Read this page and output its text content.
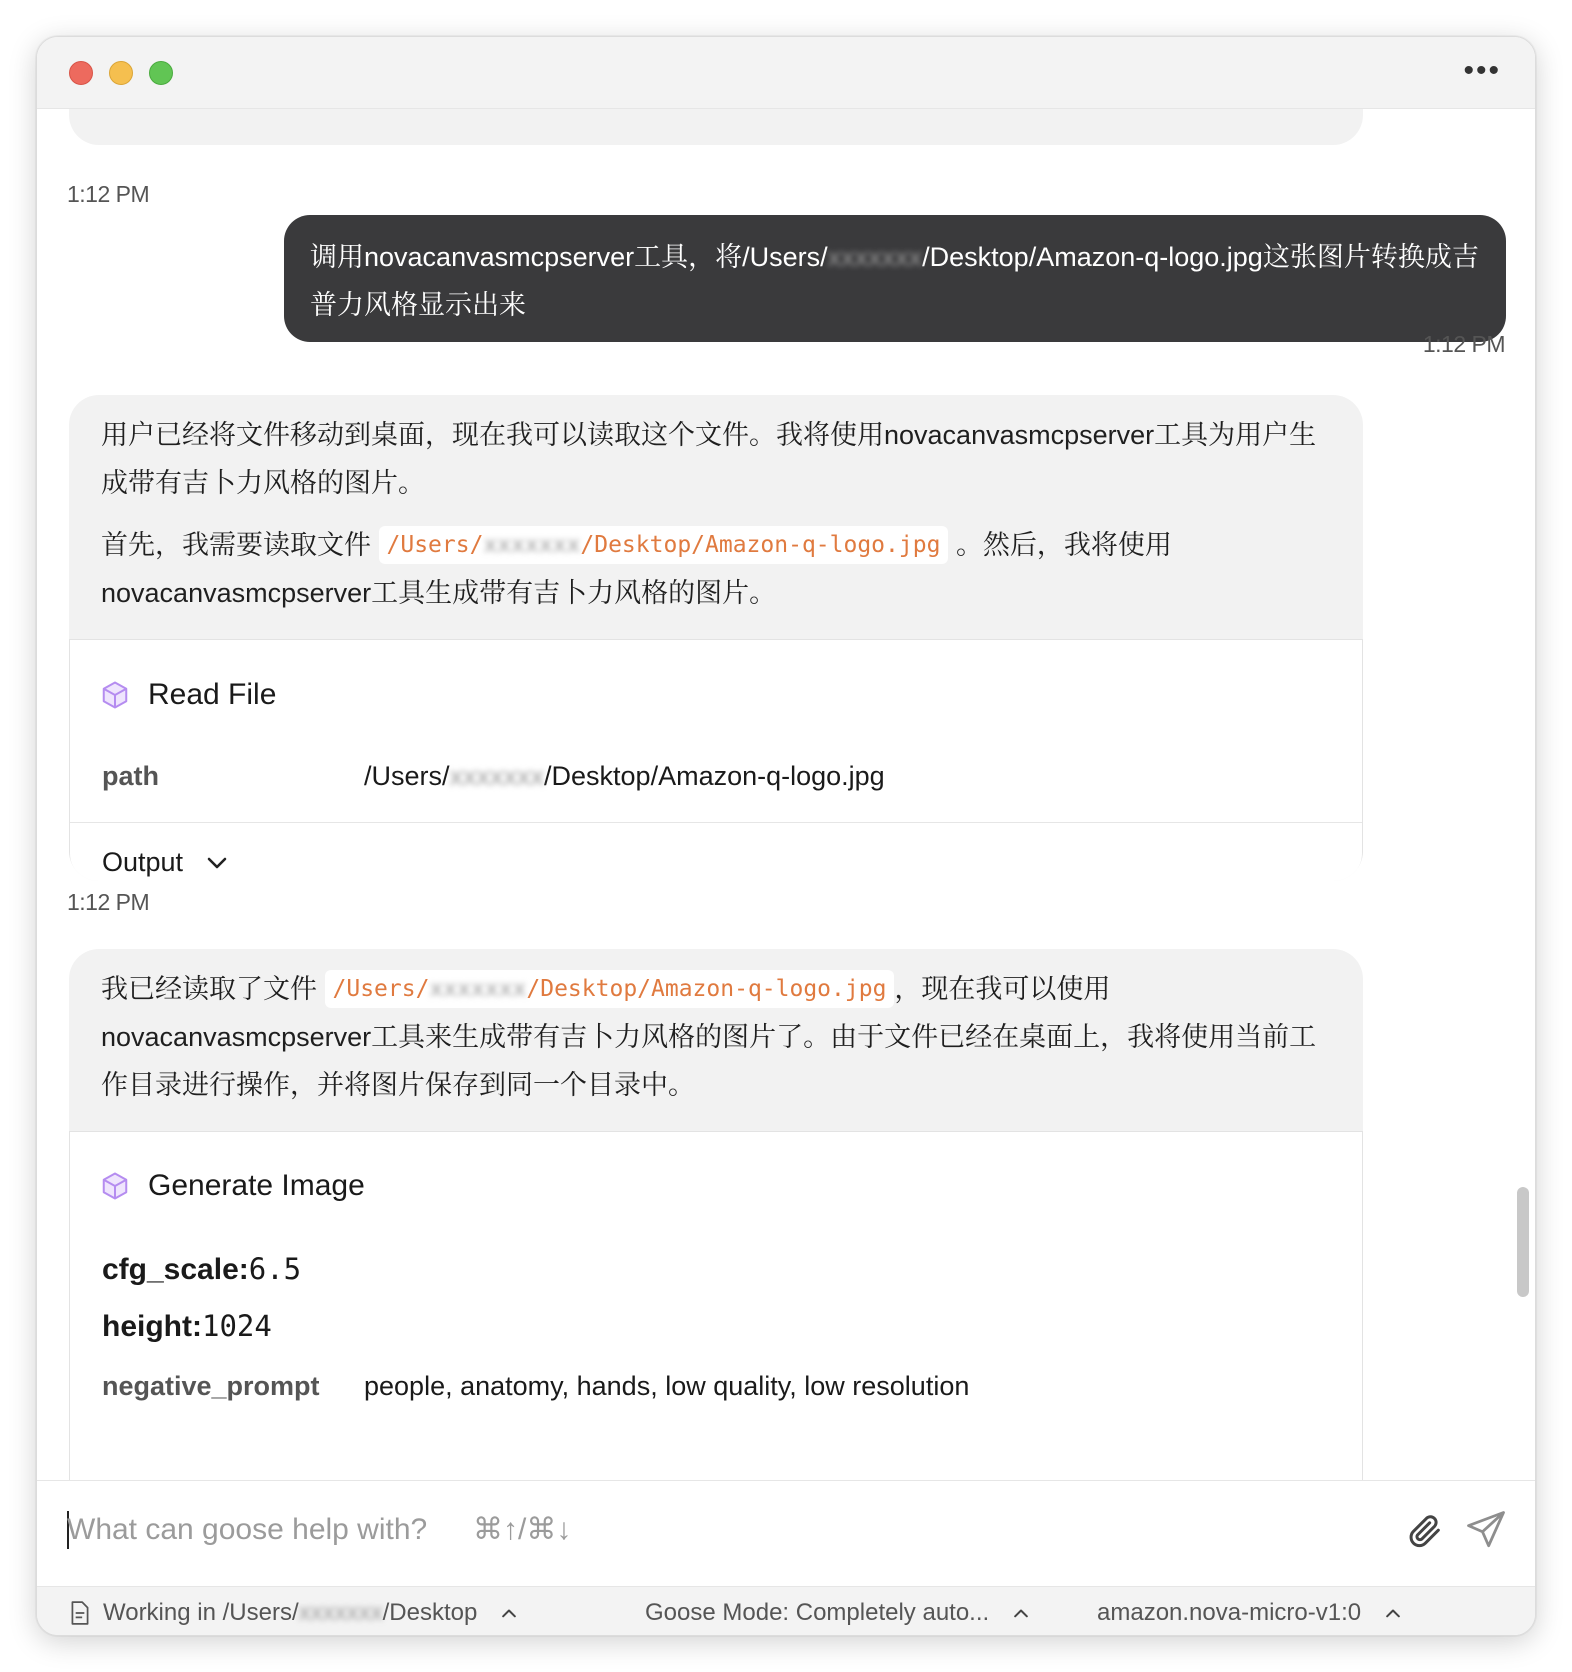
•••
1:12 PM
调用novacanvasmcpserver工具，将/Users/xxxxxxx/Desktop/Amazon-q-logo.jpg这张图片转换成吉普力风格显示出来
1:12 PM

用户已经将文件移动到桌面，现在我可以读取这个文件。我将使用novacanvasmcpserver工具为用户生成带有吉卜力风格的图片。

首先，我需要读取文件 /Users/xxxxxxx/Desktop/Amazon-q-logo.jpg 。然后，我将使用novacanvasmcpserver工具生成带有吉卜力风格的图片。

Read File
path	/Users/xxxxxxx/Desktop/Amazon-q-logo.jpg
Output
1:12 PM

我已经读取了文件 /Users/xxxxxxx/Desktop/Amazon-q-logo.jpg ，现在我可以使用novacanvasmcpserver工具来生成带有吉卜力风格的图片了。由于文件已经在桌面上，我将使用当前工作目录进行操作，并将图片保存到同一个目录中。

Generate Image
cfg_scale:6.5
height:1024
negative_prompt	people, anatomy, hands, low quality, low resolution
What can goose help with? ⌘↑/⌘↓
Working in /Users/xxxxxxx/Desktop	Goose Mode: Completely auto...	amazon.nova-micro-v1:0
